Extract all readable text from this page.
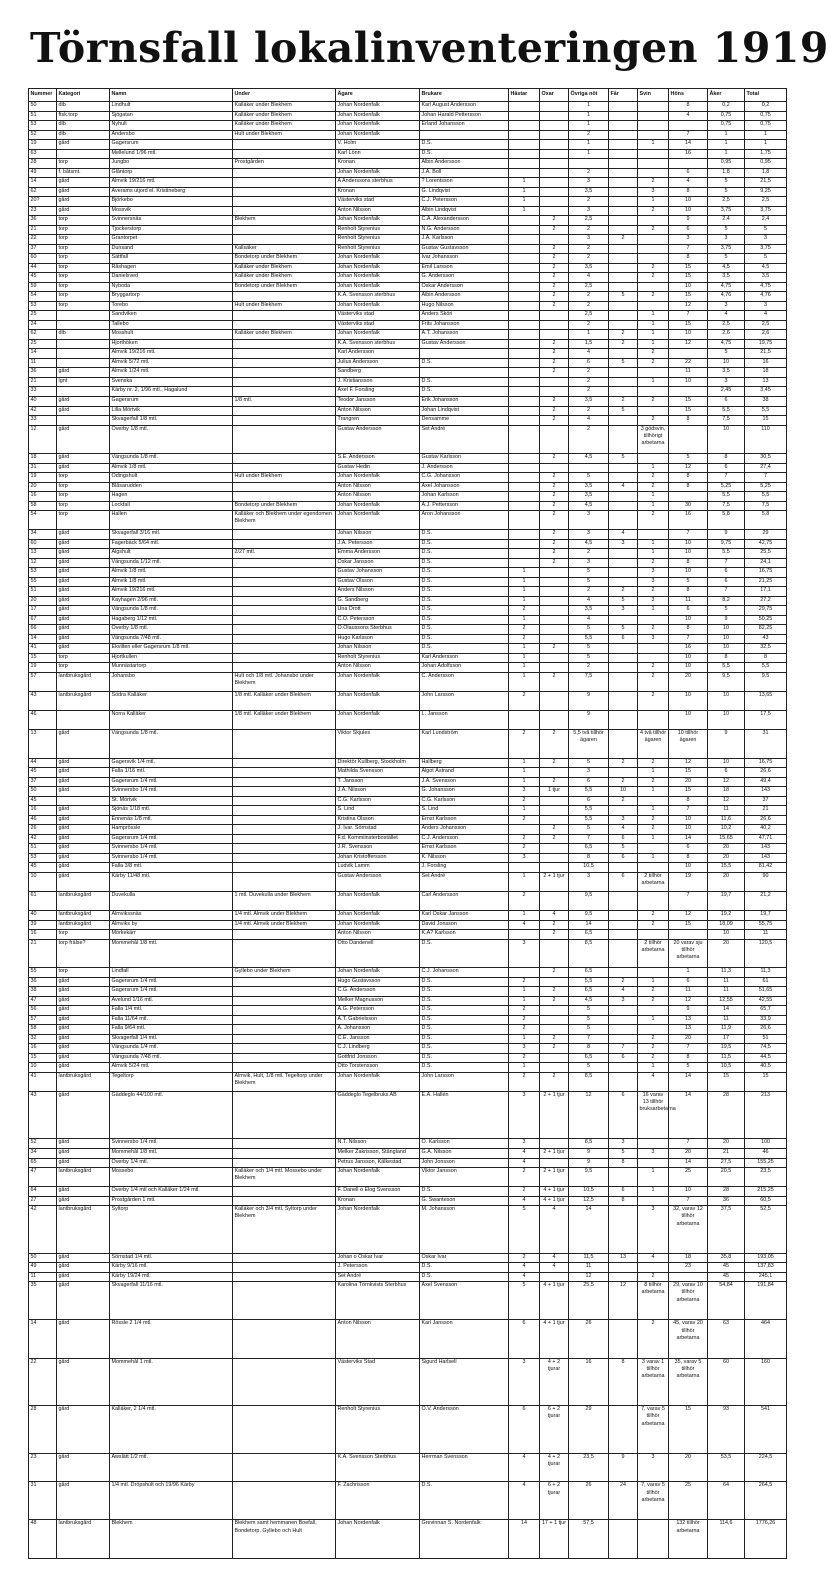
Törnsfall lokalinventeringen 1919
Nummer	Kategori	Namn	Under	Ägare	Brukare	Hästar	Oxar	Övriga nöt	Får	Svin	Höns	Åker	Total
50	dlb	Lindhult	Kalläker under Blekhem	Johan Nordenfalk	Karl August Andersson			1			8	0,2	0,2
51	ftsk.torp	Sjögatan	Kalläker under Blekhem	Johan Nordenfalk	Johan Harald Pettersson			1			4	0,75	0,75
53	dlb	Nyhult	Kalläker under Blekhem	Johan Nordenfalk	Erland Johansson			1				0,75	0,75
52	dlb	Andersbo	Hult under Blekhem	Johan Nordenfalk				2			7	1	1
19	gård	Gagersrum		V. Holm	D.S.			1		1	14	1	1
63		Mellelund 1/96 mtl.		Karl Lönn	D.S.			1			16	1	1,75
28	torp	Jungbo	Prostgården	Kronan	Albin Andersson							0,95	0,95
49	f. båtsmt.	Glåntorp		Johan Nordenfalk	J.A. Boll			2			6	1,8	1,8
14	gård	Almvik 19/216 mtl.		A Anderssons sterbhus	? Lorentsson	1		3		2	4	5	21,5
62	gård	Averams utjord el. Kristineberg		Kronan	G. Lindqvist	1		3,5		3	8	5	9,25
20?	gård	Björkebo		Västerviks stad	C.J. Petersson	1		2		1	10	2,5	2,5
23	gård	Mossvik		Anton Nilsson	Albin Lindqvist	1		3		2	10	3,75	3,75
36	torp	Svinnersnäs	Blekhem	Johan Nordenfalk	C.A. Alexandersson		2	2,5			9	2,4	2,4
21	torp	Tjockerstorp		Renholt Styrenius	N.G. Andersson		2	2		2	6	5	5
22	torp	Grantorpet		Renholt Styrenius	J.A. Karlsson			3	2		3	3	3
37	torp	Dunsand	Kallsäker	Renholt Styrenius	Gustav Gustavsson		2	2			7	3,75	3,75
60	torp	Sättfall	Bondetorp under Blekhem	Johan Nordenfalk	Ivar Johansson		2	2			8	5	5
44	torp	Råshagen	Kalläker under Blekhem	Johan Nordenfalk	Emil Larsson		2	3,5		2	15	4,5	4,5
45	torp	Danielsved	Kalläker under Blekhem	Johan Nordenfalk	G. Andersson		2	4		2	15	3,5	3,5
59	torp	Nyboda	Bondetorp under Blekhem	Johan Nordenfalk	Oskar Andersson		2	2,5			10	4,75	4,75
54	torp	Bryggartorp		K.A. Svensson sterbhus	Albin Andersson		2	2	5	2	15	4,76	4,76
53	torp	Torebo	Hult under Blekhem	Johan Nordenfalk	Hugo Nilsson		2	2			12	3	3
25		Sandviken		Västerviks stad	Anders Sköri			2,5		1	7	4	4
24		Tallebo		Västerviks stad	Frits Johansson			2		1	15	2,5	2,5
62	dlb	Mosshult	Kalläker under Blekhem	Johan Nordenfalk	A.T. Johansson			1	2	1	10	2,6	2,6
25		Hjorthöken		K.A. Svensson sterbhus	Gustav Andersson		2	1,5	2	1	12	4,75	19,75
14		Almvik 19/216 mtl.		Karl Andersson			2	4		2		5	21,5
11		Almvik 5/72 mtl.		Julius Andersson	D.S.		2	6	5	2	22	10	16
36	gård	Almvik 1/24 mtl.		Sandberg			2	2			11	3,5	18
21	lgnt	Svenska		J. Kristiansson	D.S.			2		1	10	3	13
33		Kärby nr. 2, 1/96 mtl., Hagalund		Axel F. Forsling	D.S.			2				2,45	3,45
40	gård	Gagersrum	1/8 mtl.	Teodor Jansson	Erik Johansson		2	3,5	2	2	15	6	38
42	gård	Lilla Mörtvik		Anton Nilsson	Johan Lindqvist		2	2	5		15	5,5	5,5
33		Skvagerfall 1/8 mtl.		Trangren	Densamme		2	4		2	8	7,5	15
12	gård	Överby 1/8 mtl.		Gustav Andersson	Set André			2		3 gödsvin, tillhörigt arbetarna		10	110
18	gård	Vängsunda 1/8 mtl.		S.E. Andersson	Gustav Karlsson		2	4,5	5		5	8	30,5
31	gård	Almvik 1/8 mtl.		Gustav Hedin	J. Andersson					1	12	6	27,4
19	torp	Ödingshult	Hult under Blekhem	Johan Nordenfalk	C.G. Johansson		2	5		2	8	7	7
20	torp	Blåsarudden		Anton Nilsson	Axel Johansson		2	3,5	4	2	8	5,25	5,25
16	torp	Hagen		Anton Nilsson	Johan Karlsson		2	3,5		1		5,5	5,5
58	torp	Lockfall	Bondetorp under Blekhem	Johan Nordenfalk	A.J. Pettersson		2	4,5		1	30	7,5	7,5
54	torp	Hallen	Kalläker och Blekhem under egendomen Blekhem	Johan Nordenfalk	Aron Johansson		2	3		2	16	5,8	5,8
34	gård	Skvagerfall 3/16 mtl.		Johan Nilsson	D.S.		2	3	4		7	9	29
60	gård	Fagerbäck 5/64 mtl.		J.A. Petersson	D.S.		2	4,5	3	1	10	9,75	42,75
13	gård	Algshult	2/27 mtl.	Emma Andersson	D.S.		2	2		1	10	5,5	25,5
12	gård	Vängsunda 1/12 mtl.		Oskar Jansson	D.S.		2	3		2	8	7	24,1
53	gård	Almvik 1/8 mtl.		Gustav Johansson	D.S.	1		5		3	10	6	16,75
55	gård	Almvik 1/8 mtl.		Gustav Olsson	D.S.	1		5		3	5	6	21,25
51	gård	Almvik 19/216 mtl.		Anders Nilsson	D.S.	1		2	2	2	8	7	17,1
20	gård	Kayhagen 2/96 mtl.		G. Sandberg	D.S.	1		4	5	3	11	8,2	27,2
17	gård	Vängsunda 1/8 mtl.		Una Drott	D.S.	2		3,5	3	1	6	5	29,75
67	gård	Hagaberg 1/12 mtl.		C.O. Petersson	D.S.	1		4			10	9	50,25
66	gård	Överby 1/8 mtl.		O.Olaussons Sterbhus	D.S.	2		5	5	2	8	10	82,25
14	gård	Vängsunda 7/48 mtl.		Hugo Karlsson	D.S.	2		5,5	6	3	7	10	43
41	gård	Ekvilten eller Gagersrum 1/8 mtl.		Johan Nilsson	D.S.	1	2	5			16	10	32,5
15	torp	Hjortkullen		Renholt Styrenius	Karl Andersson	1		5			10	8	8
19	torp	Munnästartorp		Anton Nilsson	Johan Adolfsson	1		2		2	10	5,5	5,5
57	lantbruksgård	Johansbo	Hult och 1/8 mtl. Johansbo under Blekhem	Johan Nordenfalk	C. Andersson	1	2	7,5		2	20	9,5	9,5
43	lantbruksgård	Södra Kalläker	1/8 mtl. Kalläker under Blekhem	Johan Nordenfalk	John Larsson	2		9		2	10	10	13,65
46		Norra Kalläker	1/8 mtl. Kalläker under Blekhem	Johan Nordenfalk	L. Jansson			9			10	10	17,5
13	gård	Vängsunda 1/8 mtl.		Viktor Skjules	Karl Lundström	2	2	5,5 två tillhör ägaren		4 två tillhör ägaren	10 tillhör ägaren	9	31
44	gård	Gagersvik 1/4 mtl.		Direktör Kullberg, Stockholm	Hallberg	1	2	5	2	2	12	10	16,75
45	gård	Falla 1/16 mtl.		Mathilda Svensson	Algot Åstrand	1		3		1	15	6	26,6
37	gård	Gagersrum 1/4 mtl.		T. Jansson	J.A. Svensson	1	2	6	2	2	20	12	49,4
50	gård	Svinnersbo 1/4 mtl.		J.A. Nilsson	G. Johansson	3	1 tjur	5,5	10	1	15	18	143
45		St. Mörtvik		C.G. Karlsson	C.G. Karlsson	2		6	2		8	12	37
16	gård	Sjönäs 1/18 mtl.		S. Lind	S. Lind	1		5,5		1	7	11	21
46	gård	Ennenäs 1/8 mtl.		Kristina Olsson	Ernst Karlsson	2		5,5	3	2	10	11,6	26,6
26	gård	Hamprössle		J. Ivar. Sörnstad	Anders Johansson		2	5	4	2	10	10,2	40,2
42	gård	Gagersrum 1/4 mtl.		F.d. Kommiinsterbostället	C.J. Andersson	2	2	7	6	1	14	15,65	47,71
51	gård	Svinnersbo 1/4 mtl.		J.R. Svensson	Ernst Karlsson	2		6,5	5		6	20	143
53	gård	Svinnersbo 1/4 mtl.		Johan Kristoffersson	K. Nilsson	3		8	6	1	8	20	143
45	gård	Falla 3/8 mtl.		Ludvik Lamm	J. Forsling			10,5			10	15,5	81,42
10	gård	Kärby 11/48 mtl.		Gustav Andersson	Set André	1	2 + 1 tjur	3	6	2 tillhör arbetarna	19	20	90
61	lantbruksgård	Duvekulla	1 mtl. Duvekulla under Blekhem	Johan Nordenfalk	Carl Andersson	2		9,5			7	19,7	21,2
40	lantbruksgård	Almvikssnäs	1/4 mtl. Almvik under Blekhem	Johan Nordenfalk	Karl Oskar Jansson	1	4	9,5		2	12	19,2	19,7
39	lantbruksgård	Almviks by	1/4 mtl. Almvik under Blekhem	Johan Nordenfalk	David Jonsson	4	2	14		2	15	18,09	55,75
16	torp	Mörkekärr		Anton Nilsson	K.A? Karlsson		2	6,5				10	11
21	torp frälse?	Mommehål 1/8 mtl.		Otto Dandenell	D.S.	3		8,5		2 tillhör arbetarna	20 varav sju tillhör arbetarna	20	120,5
55	torp	Lindfall	Gyllebo under Blekhem	Johan Nordenfalk	C.J. Johansson		2	6,5			1	11,3	11,3
36	gård	Gagersrum 1/4 mtl.		Hugo Gustavsson	D.S.	2		5,5	2	1	6	11	61
38	gård	Gagersrum 1/4 mtl.		C.G. Andersson	D.S.	1	2	6,5	4	2	11	11	51,65
47	gård	Avelund 1/16 mtl.		Melker Magnusson	D.S.	1	2	4,5	3	2	12	12,55	42,55
56	gård	Falla 1/4 mtl.		A.G. Petersson	D.S.	2		5			9	14	65,7
57	gård	Falla 11/64 mtl.		A.T. Gabrielsson	D.S.	2		5		1	13	11	33,9
58	gård	Falla 9/64 mtl.		A. Johansson	D.S.	2		5			13	11,9	26,6
32	gård	Skvagerfall 1/4 mtl.		C.E. Jansson	D.S.	1	2	7		2	20	17	51
16	gård	Vängsunda 1/4 mtl.		C.J. Lindberg	D.S.	3	2	8	7	2	7	19,5	74,5
15	gård	Vängsunda 7/48 mtl.		Gottfrid Jonsson	D.S.	2		6,5	6	2	8	11,5	44,5
10	gård	Almvik 5/24 mtl.		Otto Torstensson	D.S.	1		5		1	5	10,5	40,5
41	lantbruksgård	Tegeltorp	Almvik, Hult, 1/8 mtl. Tegeltorp under Blekhem	Johan Nordenfalk	John Larsson	2	2	8,5		4	14	15	15
43	gård	Gäddeglo 44/100 mtl.		Gäddeglo Tegelbruks AB	E.A. Hallén	3	2 + 1 tjur	12	6	16 varav 13 tillhör bruksarbetarna	14	28	213
52	gård	Svinnersbo 1/4 mtl.		N.T. Nilsson	O. Karlsson	3		8,5	3		7	20	100
34	gård	Mommehål 1/8 mtl.		Melker Zakrisson, Stångland	G.A. Nilsson	4	2 + 1 tjur	9	5	3	20	21	46
65	gård	Överby 1/4 mtl.		Petrus Jansson, Kälkestad	John Jonsson	4		9	8		14	27,5	155,25
47	lantbruksgård	Mossebo	Kalläker och 1/4 mtl. Mossebo under Blekhem	Johan Nordenfalk	Viktor Jansson	2	2 + 1 tjur	9,5		1	25	20,5	23,5
64	gård	Överby 1/4 mtl och Kalläker 1/24 mtl.		F. Danell o Elog Svensson	D.S.	2	4 + 1 tjur	10,5	6	1	10	28	215,25
27	gård	Prostgården 1 mtl.		Kronan	G. Swanteson	4	4 + 1 tjur	12,5	8		7	36	60,5
42	lantbruksgård	Syltorp	Kalläker och 3/4 mtl. Syltorp under Blekhem	Johan Nordenfalk	M. Johansson	5	4	14		3	32, varav 12 tillhör arbetarna	37,5	52,5
50	gård	Sörnstad 1/4 mtl.		Johan o Oskar Ivar	Oskar Ivar	2	4	11,5	13	4	18	35,8	193,05
49	gård	Kärby 9/16 mtl.		J. Petersson	D.S.	4	4	11			23	45	137,83
11	gård	Kärby 19/24 mtl.		Set André	D.S.	4		12		2		45	245,1
35	gård	Skvagerfall 11/16 mtl.		Karolina Törnkvists Sterbhus	Axel Svensson	5	4 + 1 tjur	25,5	12	8 tillhör arbetarna	29, varav 10 tillhör arbetarna	54,84	191,84
14	gård	Rössle 2 1/4 mtl.		Anton Nilsson	Karl Jansson	6	4 + 1 tjur	26		2	45, varav 20 tillhör arbetarna	63	464
22	gård	Mommehål 1 mtl.		Västerviks Stad	Sigurd Harlsell	3	4 + 2 tjurar	16	8	3 varav 1 tillhör arbetarna	35, varav 5 tillhör arbetarna	60	160
28	gård	Kalläker, 2 1/4 mtl.		Renholt Styrenius	O.V. Andersson	6	6 + 2 tjurar	29		7, varav 5 tillhör arbetarna	15	93	541
23	gård	Awslätt 1/2 mtl.		K.A. Svensson Sterbhus	Herrman Svensson	4	4 + 2 tjurar	23,5	9	3	20	53,5	224,5
31	gård	1/4 mtl. Dröpshult och 19/96 Kärby		F. Zachrisson	D.S.	4	6 + 2 tjurar	26	24	7, varav 5 tillhör arbetarna	25	64	264,5
48	lantbruksgård	Blekhem	Blekhem samt hemmanen Boefall, Bondetorp, Gyllebo och Hult	Johan Nordenfalk	Grevinnan S. Nordenfalk	14	17 + 1 tjur	57,5			132 tillhör arbetarna	114,6	1776,26
